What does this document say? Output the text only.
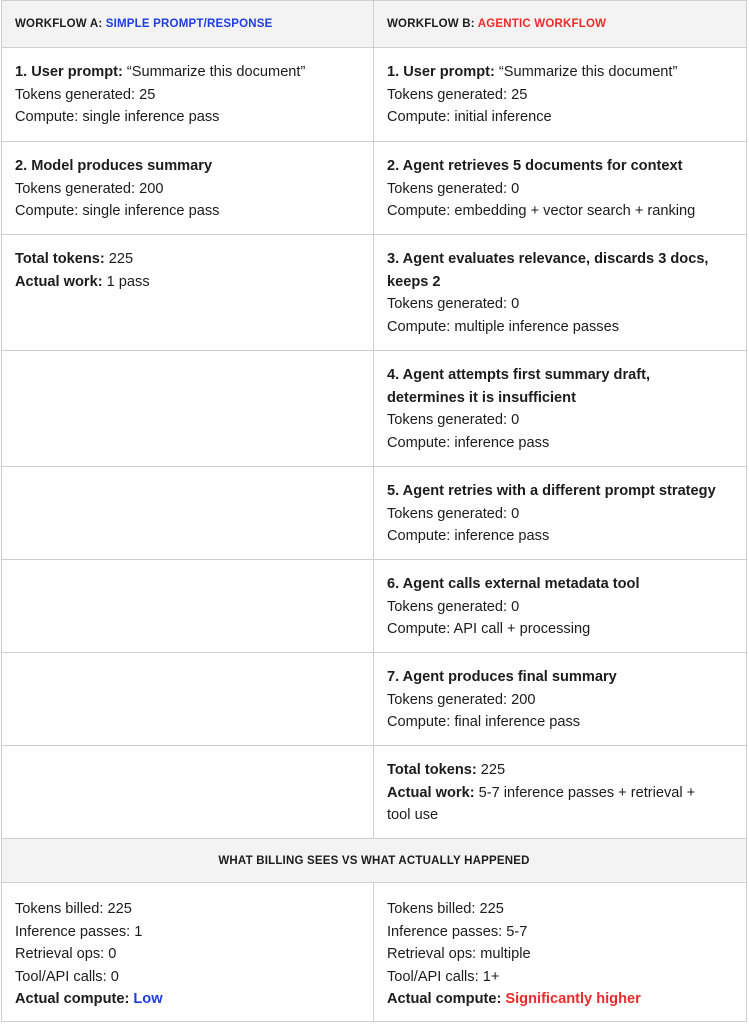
WORKFLOW A: SIMPLE PROMPT/RESPONSE	WORKFLOW B: AGENTIC WORKFLOW

1. User prompt: “Summarize this document”
Tokens generated: 25
Compute: single inference pass	1. User prompt: “Summarize this document”
Tokens generated: 25
Compute: initial inference

2. Model produces summary
Tokens generated: 200
Compute: single inference pass	2. Agent retrieves 5 documents for context
Tokens generated: 0
Compute: embedding + vector search + ranking

Total tokens: 225
Actual work: 1 pass	3. Agent evaluates relevance, discards 3 docs,
keeps 2
Tokens generated: 0
Compute: multiple inference passes

	4. Agent attempts first summary draft,
determines it is insufficient
Tokens generated: 0
Compute: inference pass

	5. Agent retries with a different prompt strategy
Tokens generated: 0
Compute: inference pass

	6. Agent calls external metadata tool
Tokens generated: 0
Compute: API call + processing

	7. Agent produces final summary
Tokens generated: 200
Compute: final inference pass

	Total tokens: 225
Actual work: 5-7 inference passes + retrieval +
tool use

WHAT BILLING SEES VS WHAT ACTUALLY HAPPENED	

Tokens billed: 225
Inference passes: 1
Retrieval ops: 0
Tool/API calls: 0
Actual compute: Low	Tokens billed: 225
Inference passes: 5-7
Retrieval ops: multiple
Tool/API calls: 1+
Actual compute: Significantly higher
